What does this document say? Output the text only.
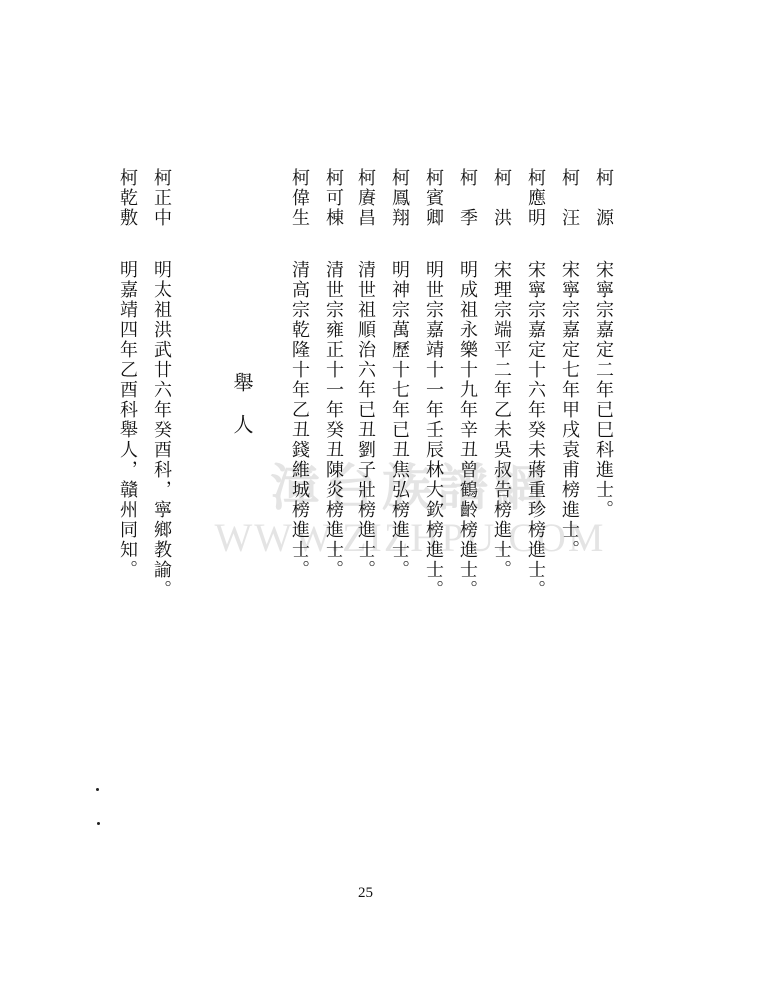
漳台族譜網
WWW.ZIZHPU.COM
柯　源
宋寧宗嘉定二年已巳科進士。
柯　汪
宋寧宗嘉定七年甲戌袁甫榜進士。
柯應明
宋寧宗嘉定十六年癸未蔣重珍榜進士。
柯　洪
宋理宗端平二年乙未吳叔告榜進士。
柯　季
明成祖永樂十九年辛丑曾鶴齡榜進士。
柯賓卿
明世宗嘉靖十一年壬辰林大欽榜進士。
柯鳳翔
明神宗萬歷十七年已丑焦弘榜進士。
柯賡昌
清世祖順治六年已丑劉子壯榜進士。
柯可棟
清世宗雍正十一年癸丑陳炎榜進士。
柯偉生
清高宗乾隆十年乙丑錢維城榜進士。
舉人
柯正中
明太祖洪武廿六年癸酉科，寧鄉教諭。
柯乾敷
明嘉靖四年乙酉科舉人，贛州同知。
25
